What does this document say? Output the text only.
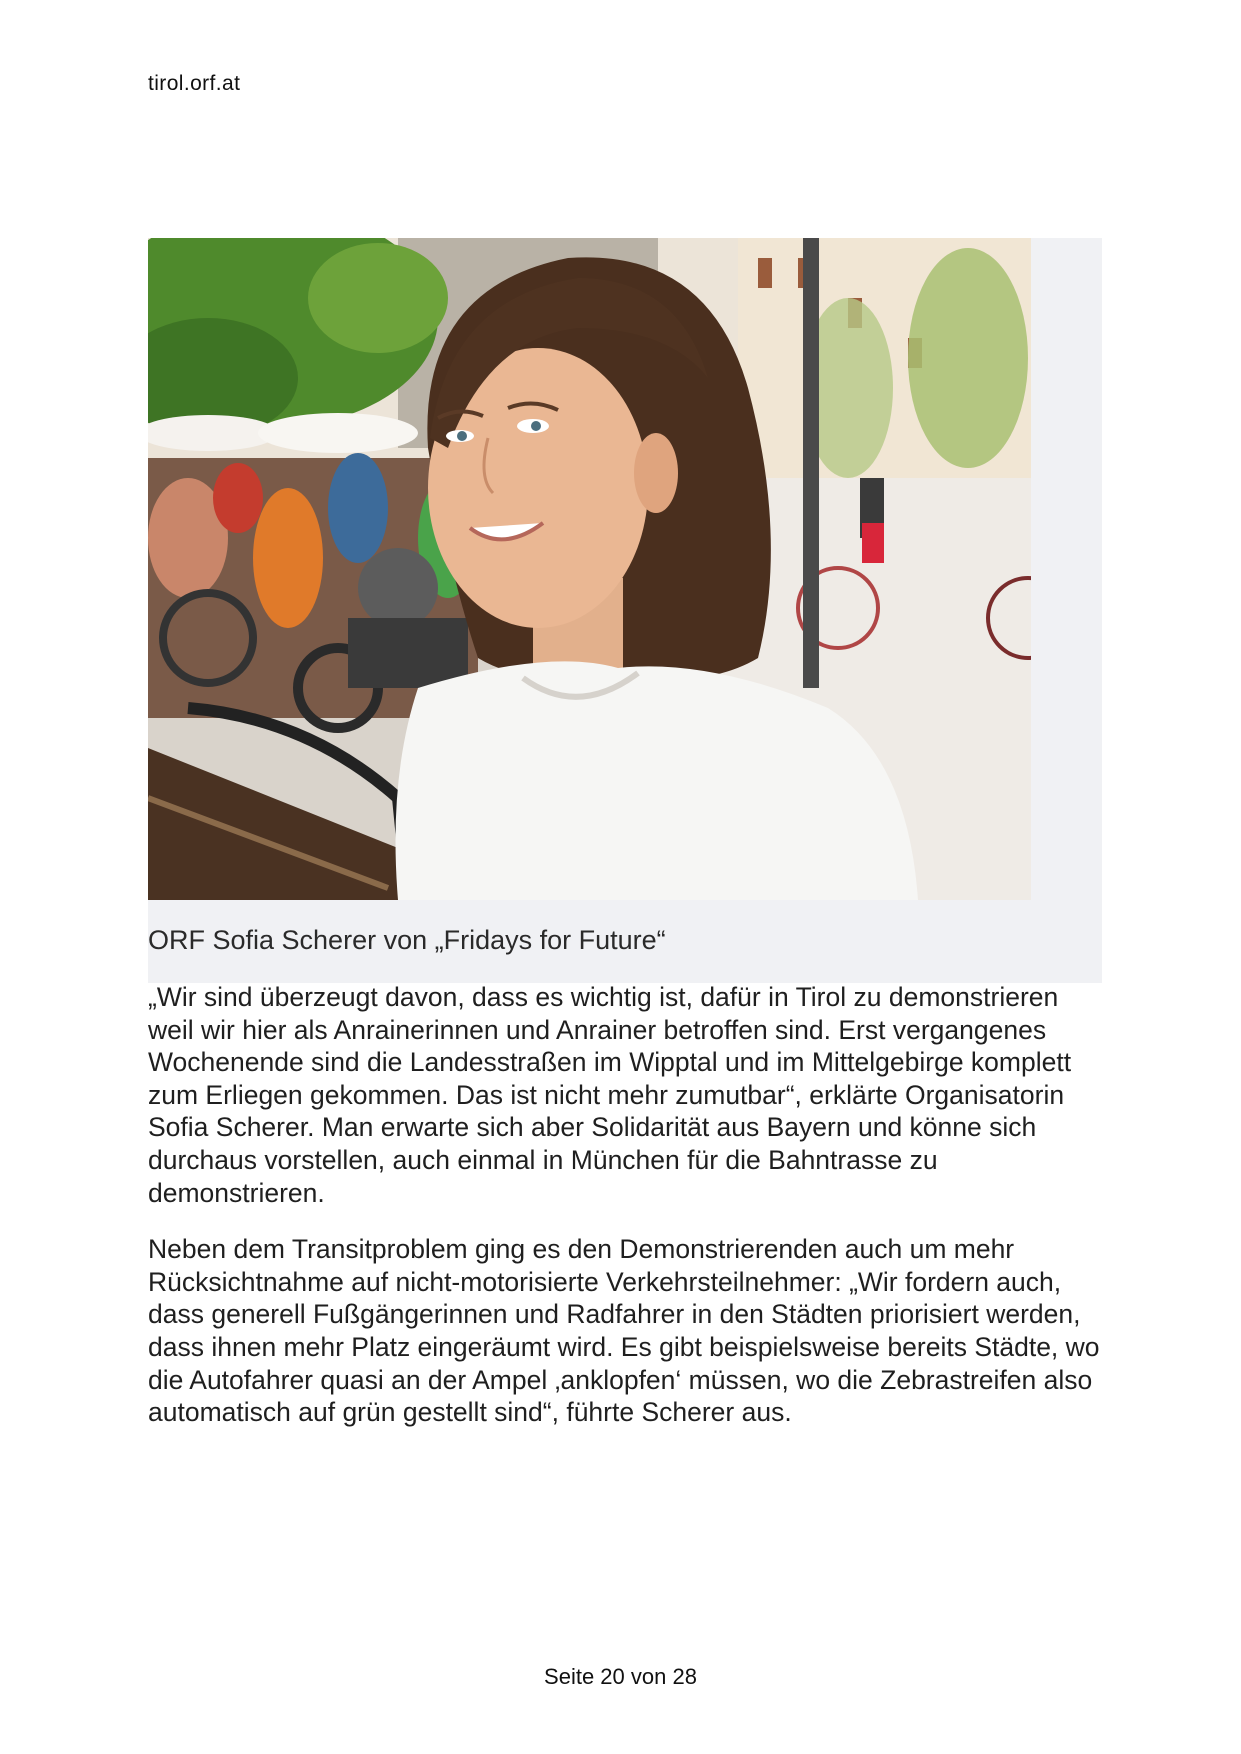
tirol.orf.at
ORF Sofia Scherer von „Fridays for Future“

„Wir sind überzeugt davon, dass es wichtig ist, dafür in Tirol zu demonstrieren weil wir hier als Anrainerinnen und Anrainer betroffen sind. Erst vergangenes Wochenende sind die Landesstraßen im Wipptal und im Mittelgebirge komplett zum Erliegen gekommen. Das ist nicht mehr zumutbar“, erklärte Organisatorin Sofia Scherer. Man erwarte sich aber Solidarität aus Bayern und könne sich durchaus vorstellen, auch einmal in München für die Bahntrasse zu demonstrieren.

Neben dem Transitproblem ging es den Demonstrierenden auch um mehr Rücksichtnahme auf nicht-motorisierte Verkehrsteilnehmer: „Wir fordern auch, dass generell Fußgängerinnen und Radfahrer in den Städten priorisiert werden, dass ihnen mehr Platz eingeräumt wird. Es gibt beispielsweise bereits Städte, wo die Autofahrer quasi an der Ampel ‚anklopfen‘ müssen, wo die Zebrastreifen also automatisch auf grün gestellt sind“, führte Scherer aus.

Seite 20 von 28
